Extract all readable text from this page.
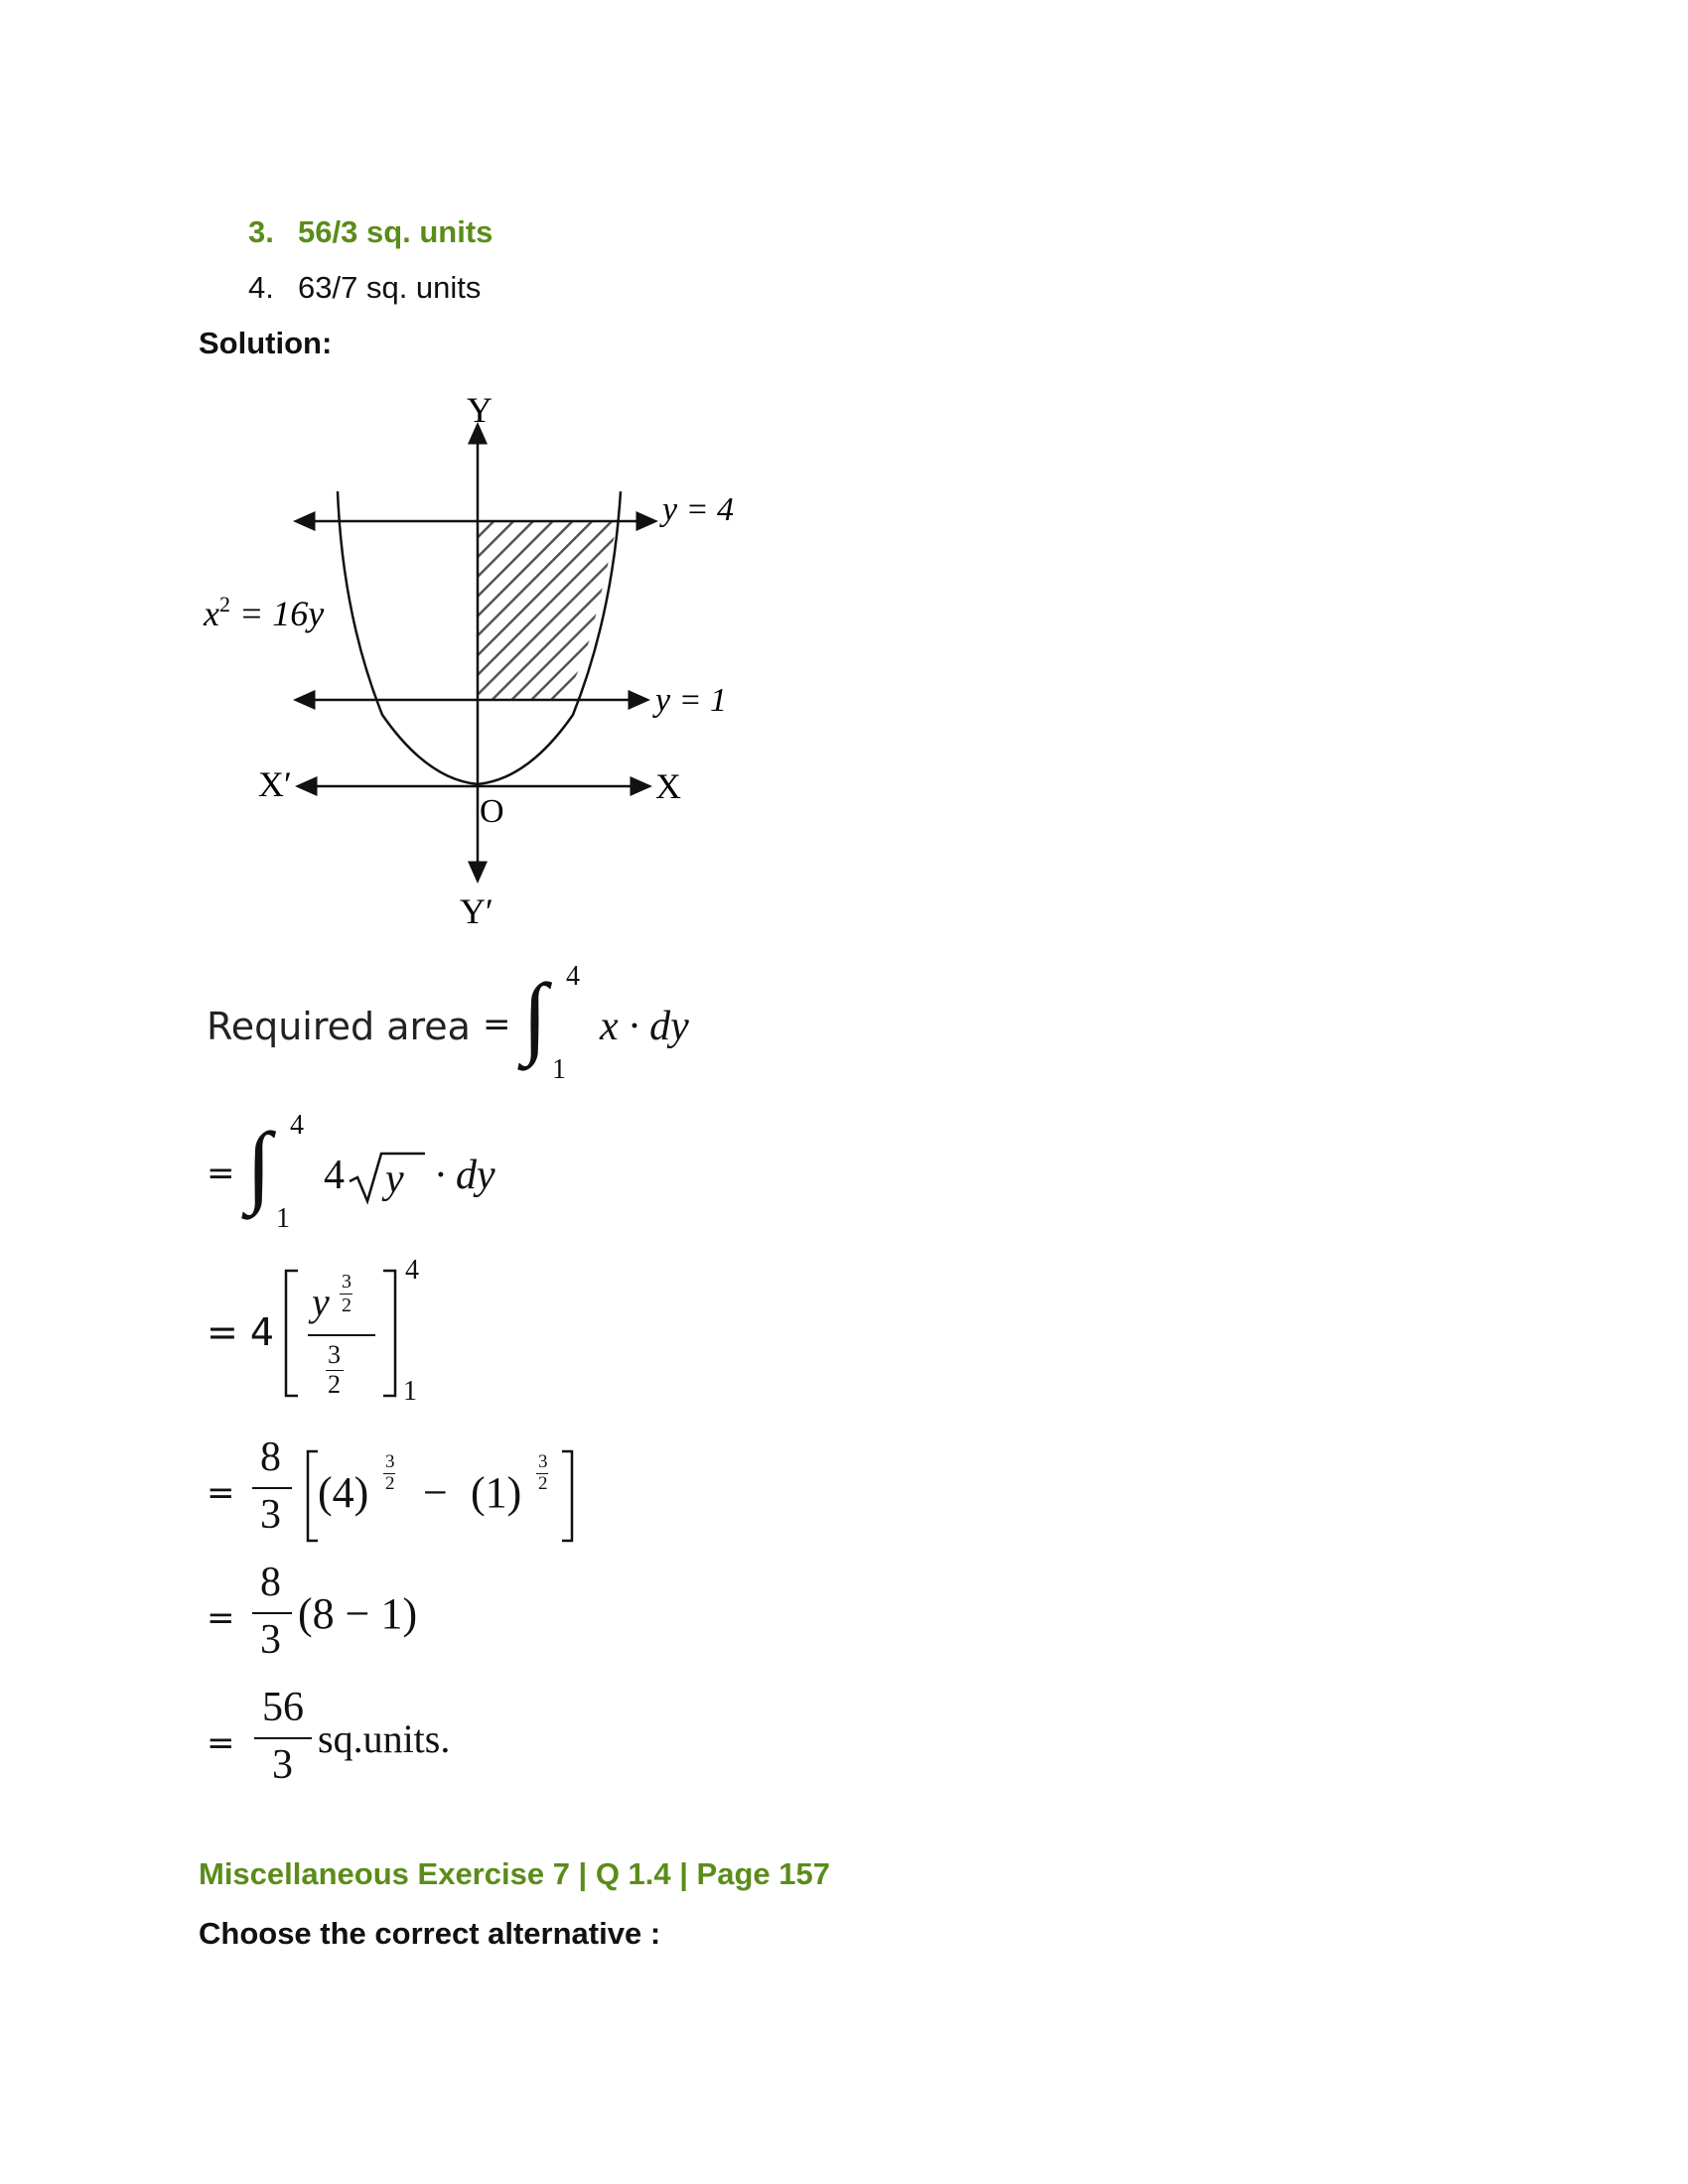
3. 56/3 sq. units
4. 63/7 sq. units
Solution:
Y
Y′
X
X′
O
$x^2 = 16y$
y = 4
y = 1
Required area = ∫ 4
1
x · dy
= ∫ 4
1
4 y · dy
= 4
y 3
2
3
2
4
1
=
8
3 (4)
3
2 − (1)
3
2
=
8
3
(8 − 1)
=
56
3
sq.units.
Miscellaneous Exercise 7 | Q 1.4 | Page 157
Choose the correct alternative :
